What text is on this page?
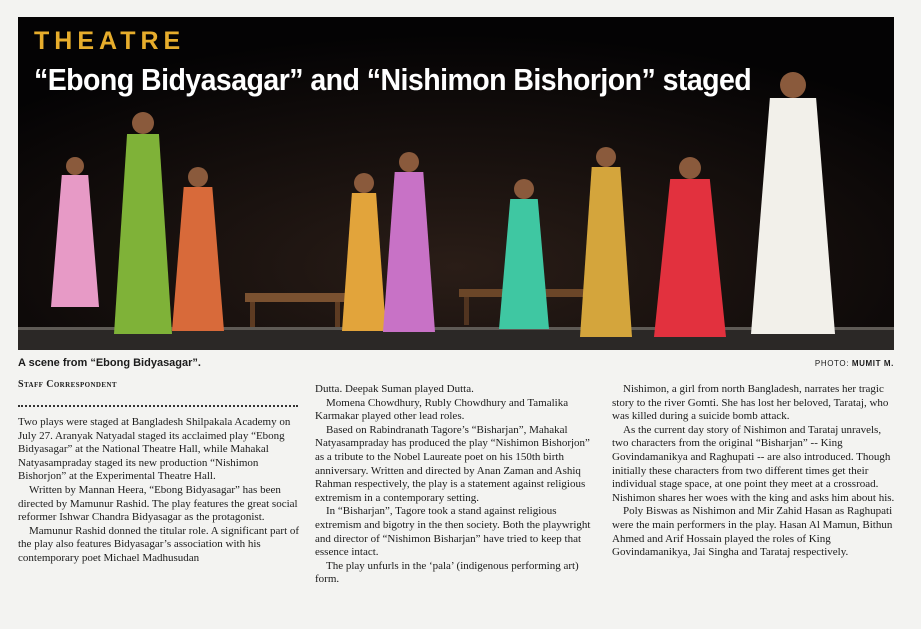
THEATRE
“Ebong Bidyasagar” and “Nishimon Bishorjon” staged
A scene from “Ebong Bidyasagar”.	PHOTO: MUMIT M.
Staff Correspondent

Two plays were staged at Bangladesh Shilpakala Academy on July 27. Aranyak Natyadal staged its acclaimed play “Ebong Bidyasagar” at the National Theatre Hall, while Mahakal Natyasampraday staged its new production “Nishimon Bishorjon” at the Experimental Theatre Hall.

Written by Mannan Heera, “Ebong Bidyasagar” has been directed by Mamunur Rashid. The play features the great social reformer Ishwar Chandra Bidyasagar as the protagonist.

Mamunur Rashid donned the titular role. A significant part of the play also features Bidyasagar’s association with his contemporary poet Michael Madhusudan

Dutta. Deepak Suman played Dutta.

Momena Chowdhury, Rubly Chowdhury and Tamalika Karmakar played other lead roles.

Based on Rabindranath Tagore’s “Bisharjan”, Mahakal Natyasampraday has produced the play “Nishimon Bishorjon” as a tribute to the Nobel Laureate poet on his 150th birth anniversary. Written and directed by Anan Zaman and Ashiq Rahman respectively, the play is a statement against religious extremism in a contemporary setting.

In “Bisharjan”, Tagore took a stand against religious extremism and bigotry in the then society. Both the playwright and director of “Nishimon Bisharjan” have tried to keep that essence intact.

The play unfurls in the ‘pala’ (indigenous performing art) form.

Nishimon, a girl from north Bangladesh, narrates her tragic story to the river Gomti. She has lost her beloved, Tarataj, who was killed during a suicide bomb attack.

As the current day story of Nishimon and Tarataj unravels, two characters from the original “Bisharjan” -- King Govindamanikya and Raghupati -- are also introduced. Though initially these characters from two different times get their individual stage space, at one point they meet at a crossroad. Nishimon shares her woes with the king and asks him about his.

Poly Biswas as Nishimon and Mir Zahid Hasan as Raghupati were the main performers in the play. Hasan Al Mamun, Bithun Ahmed and Arif Hossain played the roles of King Govindamanikya, Jai Singha and Tarataj respectively.
